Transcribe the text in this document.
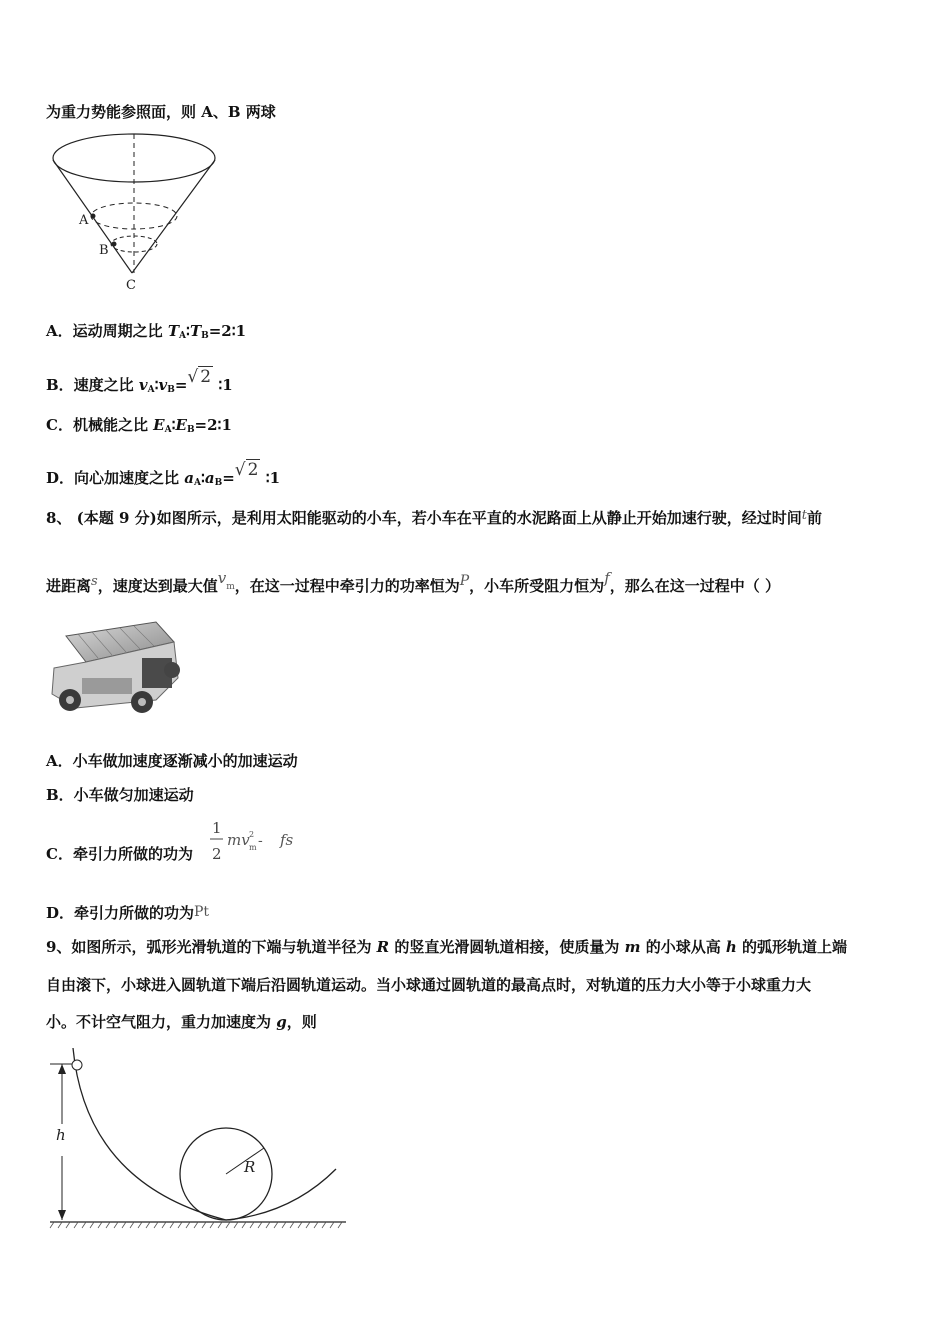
为重力势能参照面，则 A、B 两球
A
B
C
A．运动周期之比 $T_A∶T_B=2∶1$
B．速度之比 $v_A∶v_B=√$ 2 ∶1
C．机械能之比 $E_A∶E_B=2∶1$
D．向心加速度之比 $a_A∶a_B=√$ 2 ∶1
8、 (本题 9 分)如图所示，是利用太阳能驱动的小车，若小车在平直的水泥路面上从静止开始加速行驶，经过时间t前
进距离s，速度达到最大值$v_m$，在这一过程中牵引力的功率恒为P，小车所受阻力恒为f，那么在这一过程中（ ）
A．小车做加速度逐渐减小的加速运动
B．小车做匀加速运动
C．牵引力所做的功为
1
2
mv 2
m - fs
D．牵引力所做的功为Pt
9、如图所示，弧形光滑轨道的下端与轨道半径为 R 的竖直光滑圆轨道相接，使质量为 m 的小球从高 h 的弧形轨道上端
自由滚下，小球进入圆轨道下端后沿圆轨道运动。当小球通过圆轨道的最高点时，对轨道的压力大小等于小球重力大
小。不计空气阻力，重力加速度为 g，则
h
R
